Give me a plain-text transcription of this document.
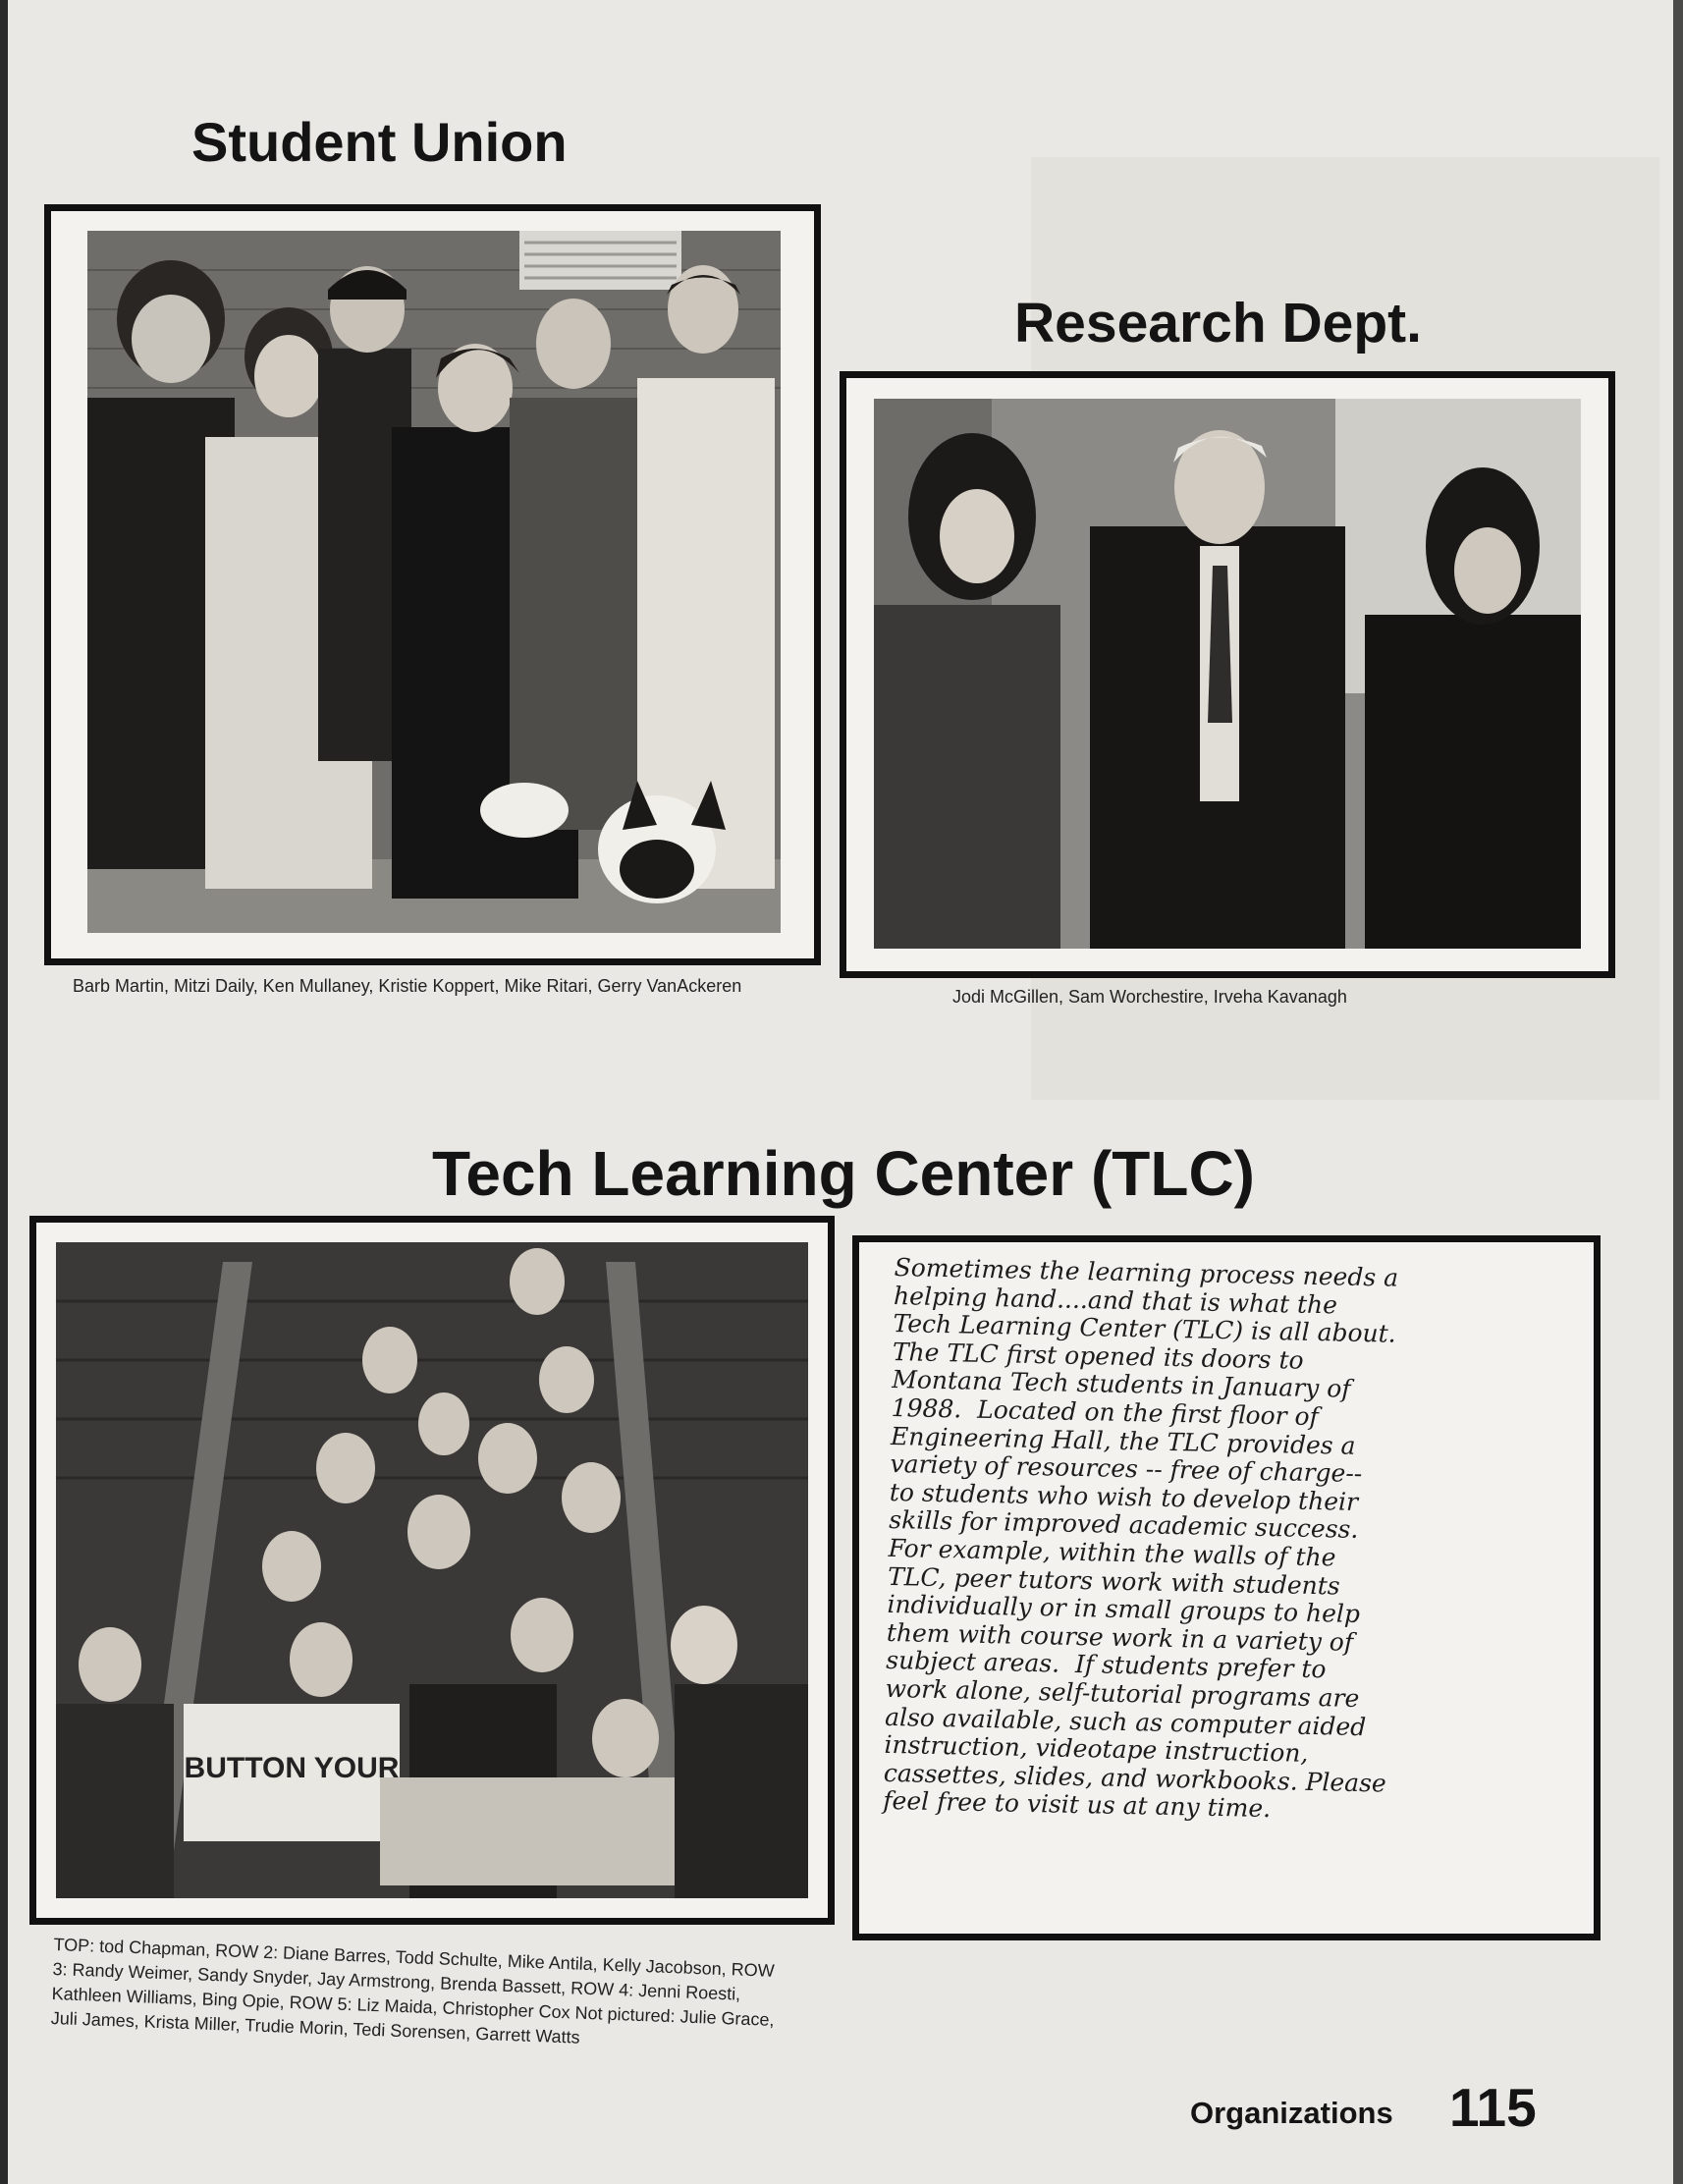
Student Union

Barb Martin, Mitzi Daily, Ken Mullaney, Kristie Koppert, Mike Ritari, Gerry VanAckeren

Research Dept.

Jodi McGillen, Sam Worchestire, Irveha Kavanagh

Tech Learning Center (TLC)
BUTTON YOUR

TOP: tod Chapman, ROW 2: Diane Barres, Todd Schulte, Mike Antila, Kelly Jacobson, ROW 3: Randy Weimer, Sandy Snyder, Jay Armstrong, Brenda Bassett, ROW 4: Jenni Roesti, Kathleen Williams, Bing Opie, ROW 5: Liz Maida, Christopher Cox Not pictured: Julie Grace, Juli James, Krista Miller, Trudie Morin, Tedi Sorensen, Garrett Watts

Sometimes the learning process needs a
helping hand....and that is what the
Tech Learning Center (TLC) is all about.
The TLC first opened its doors to
Montana Tech students in January of
1988.  Located on the first floor of
Engineering Hall, the TLC provides a
variety of resources -- free of charge--
to students who wish to develop their
skills for improved academic success.
For example, within the walls of the
TLC, peer tutors work with students
individually or in small groups to help
them with course work in a variety of
subject areas.  If students prefer to
work alone, self-tutorial programs are
also available, such as computer aided
instruction, videotape instruction,
cassettes, slides, and workbooks. Please
feel free to visit us at any time.

Organizations 115
